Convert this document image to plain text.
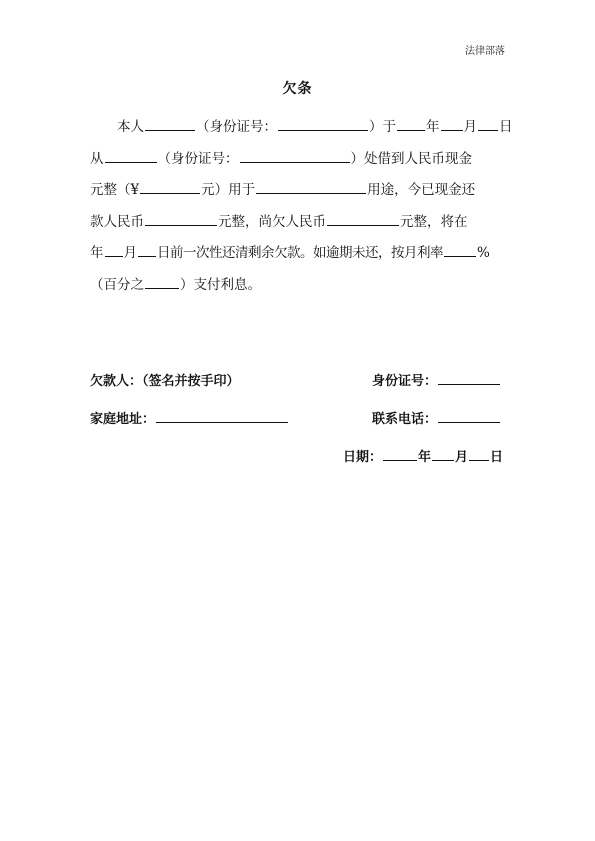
法律部落
欠条
本人	（身份证号：	）于 年 月 日
从	（身份证号：	）处借到人民币现金
元整（¥	元）用于	用途，今已现金还
款人民币	元整，尚欠人民币	元整，将在
年 月 日前一次性还清剩余欠款。如逾期未还，按月利率	%
（百分之	）支付利息。
欠款人：（签名并按手印）	身份证号：
家庭地址：	联系电话：
日期：	年 月 日
